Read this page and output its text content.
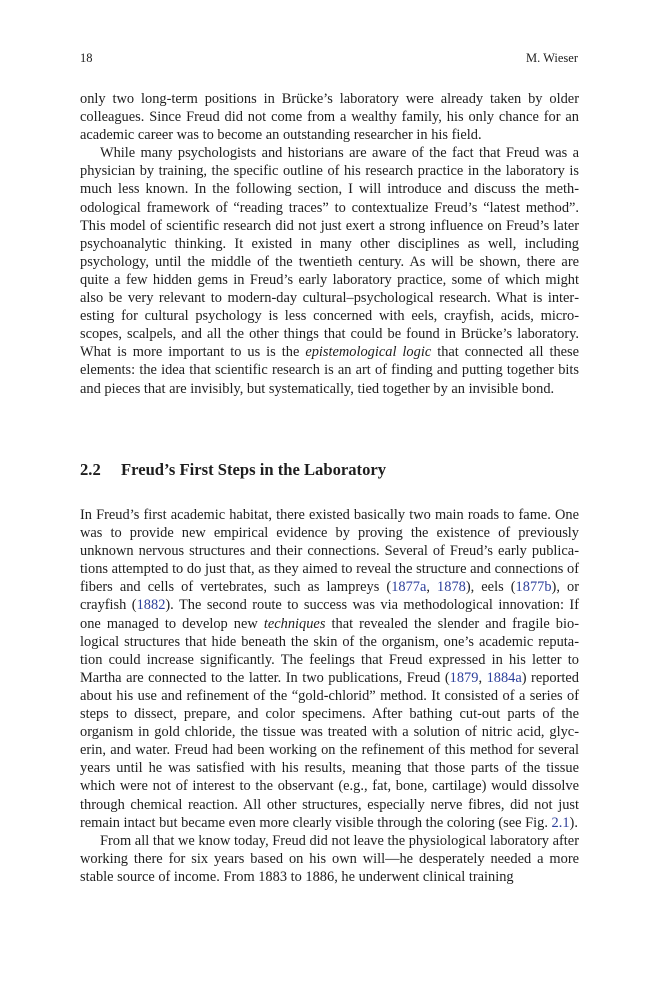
18	M. Wieser

only two long-term positions in Brücke’s laboratory were already taken by older colleagues. Since Freud did not come from a wealthy family, his only chance for an academic career was to become an outstanding researcher in his field.

While many psychologists and historians are aware of the fact that Freud was a physician by training, the specific outline of his research practice in the laboratory is much less known. In the following section, I will introduce and discuss the methodological framework of “reading traces” to contextualize Freud’s “latest method”. This model of scientific research did not just exert a strong influence on Freud’s later psychoanalytic thinking. It existed in many other disciplines as well, including psychology, until the middle of the twentieth century. As will be shown, there are quite a few hidden gems in Freud’s early laboratory practice, some of which might also be very relevant to modern-day cultural–psychological research. What is interesting for cultural psychology is less concerned with eels, crayfish, acids, microscopes, scalpels, and all the other things that could be found in Brücke’s laboratory. What is more important to us is the epistemological logic that connected all these elements: the idea that scientific research is an art of finding and putting together bits and pieces that are invisibly, but systematically, tied together by an invisible bond.

2.2 Freud’s First Steps in the Laboratory

In Freud’s first academic habitat, there existed basically two main roads to fame. One was to provide new empirical evidence by proving the existence of previously unknown nervous structures and their connections. Several of Freud’s early publications attempted to do just that, as they aimed to reveal the structure and connections of fibers and cells of vertebrates, such as lampreys (1877a, 1878), eels (1877b), or crayfish (1882). The second route to success was via methodological innovation: If one managed to develop new techniques that revealed the slender and fragile biological structures that hide beneath the skin of the organism, one’s academic reputation could increase significantly. The feelings that Freud expressed in his letter to Martha are connected to the latter. In two publications, Freud (1879, 1884a) reported about his use and refinement of the “gold-chlorid” method. It consisted of a series of steps to dissect, prepare, and color specimens. After bathing cut-out parts of the organism in gold chloride, the tissue was treated with a solution of nitric acid, glycerin, and water. Freud had been working on the refinement of this method for several years until he was satisfied with his results, meaning that those parts of the tissue which were not of interest to the observant (e.g., fat, bone, cartilage) would dissolve through chemical reaction. All other structures, especially nerve fibres, did not just remain intact but became even more clearly visible through the coloring (see Fig. 2.1).

From all that we know today, Freud did not leave the physiological laboratory after working there for six years based on his own will—he desperately needed a more stable source of income. From 1883 to 1886, he underwent clinical training
